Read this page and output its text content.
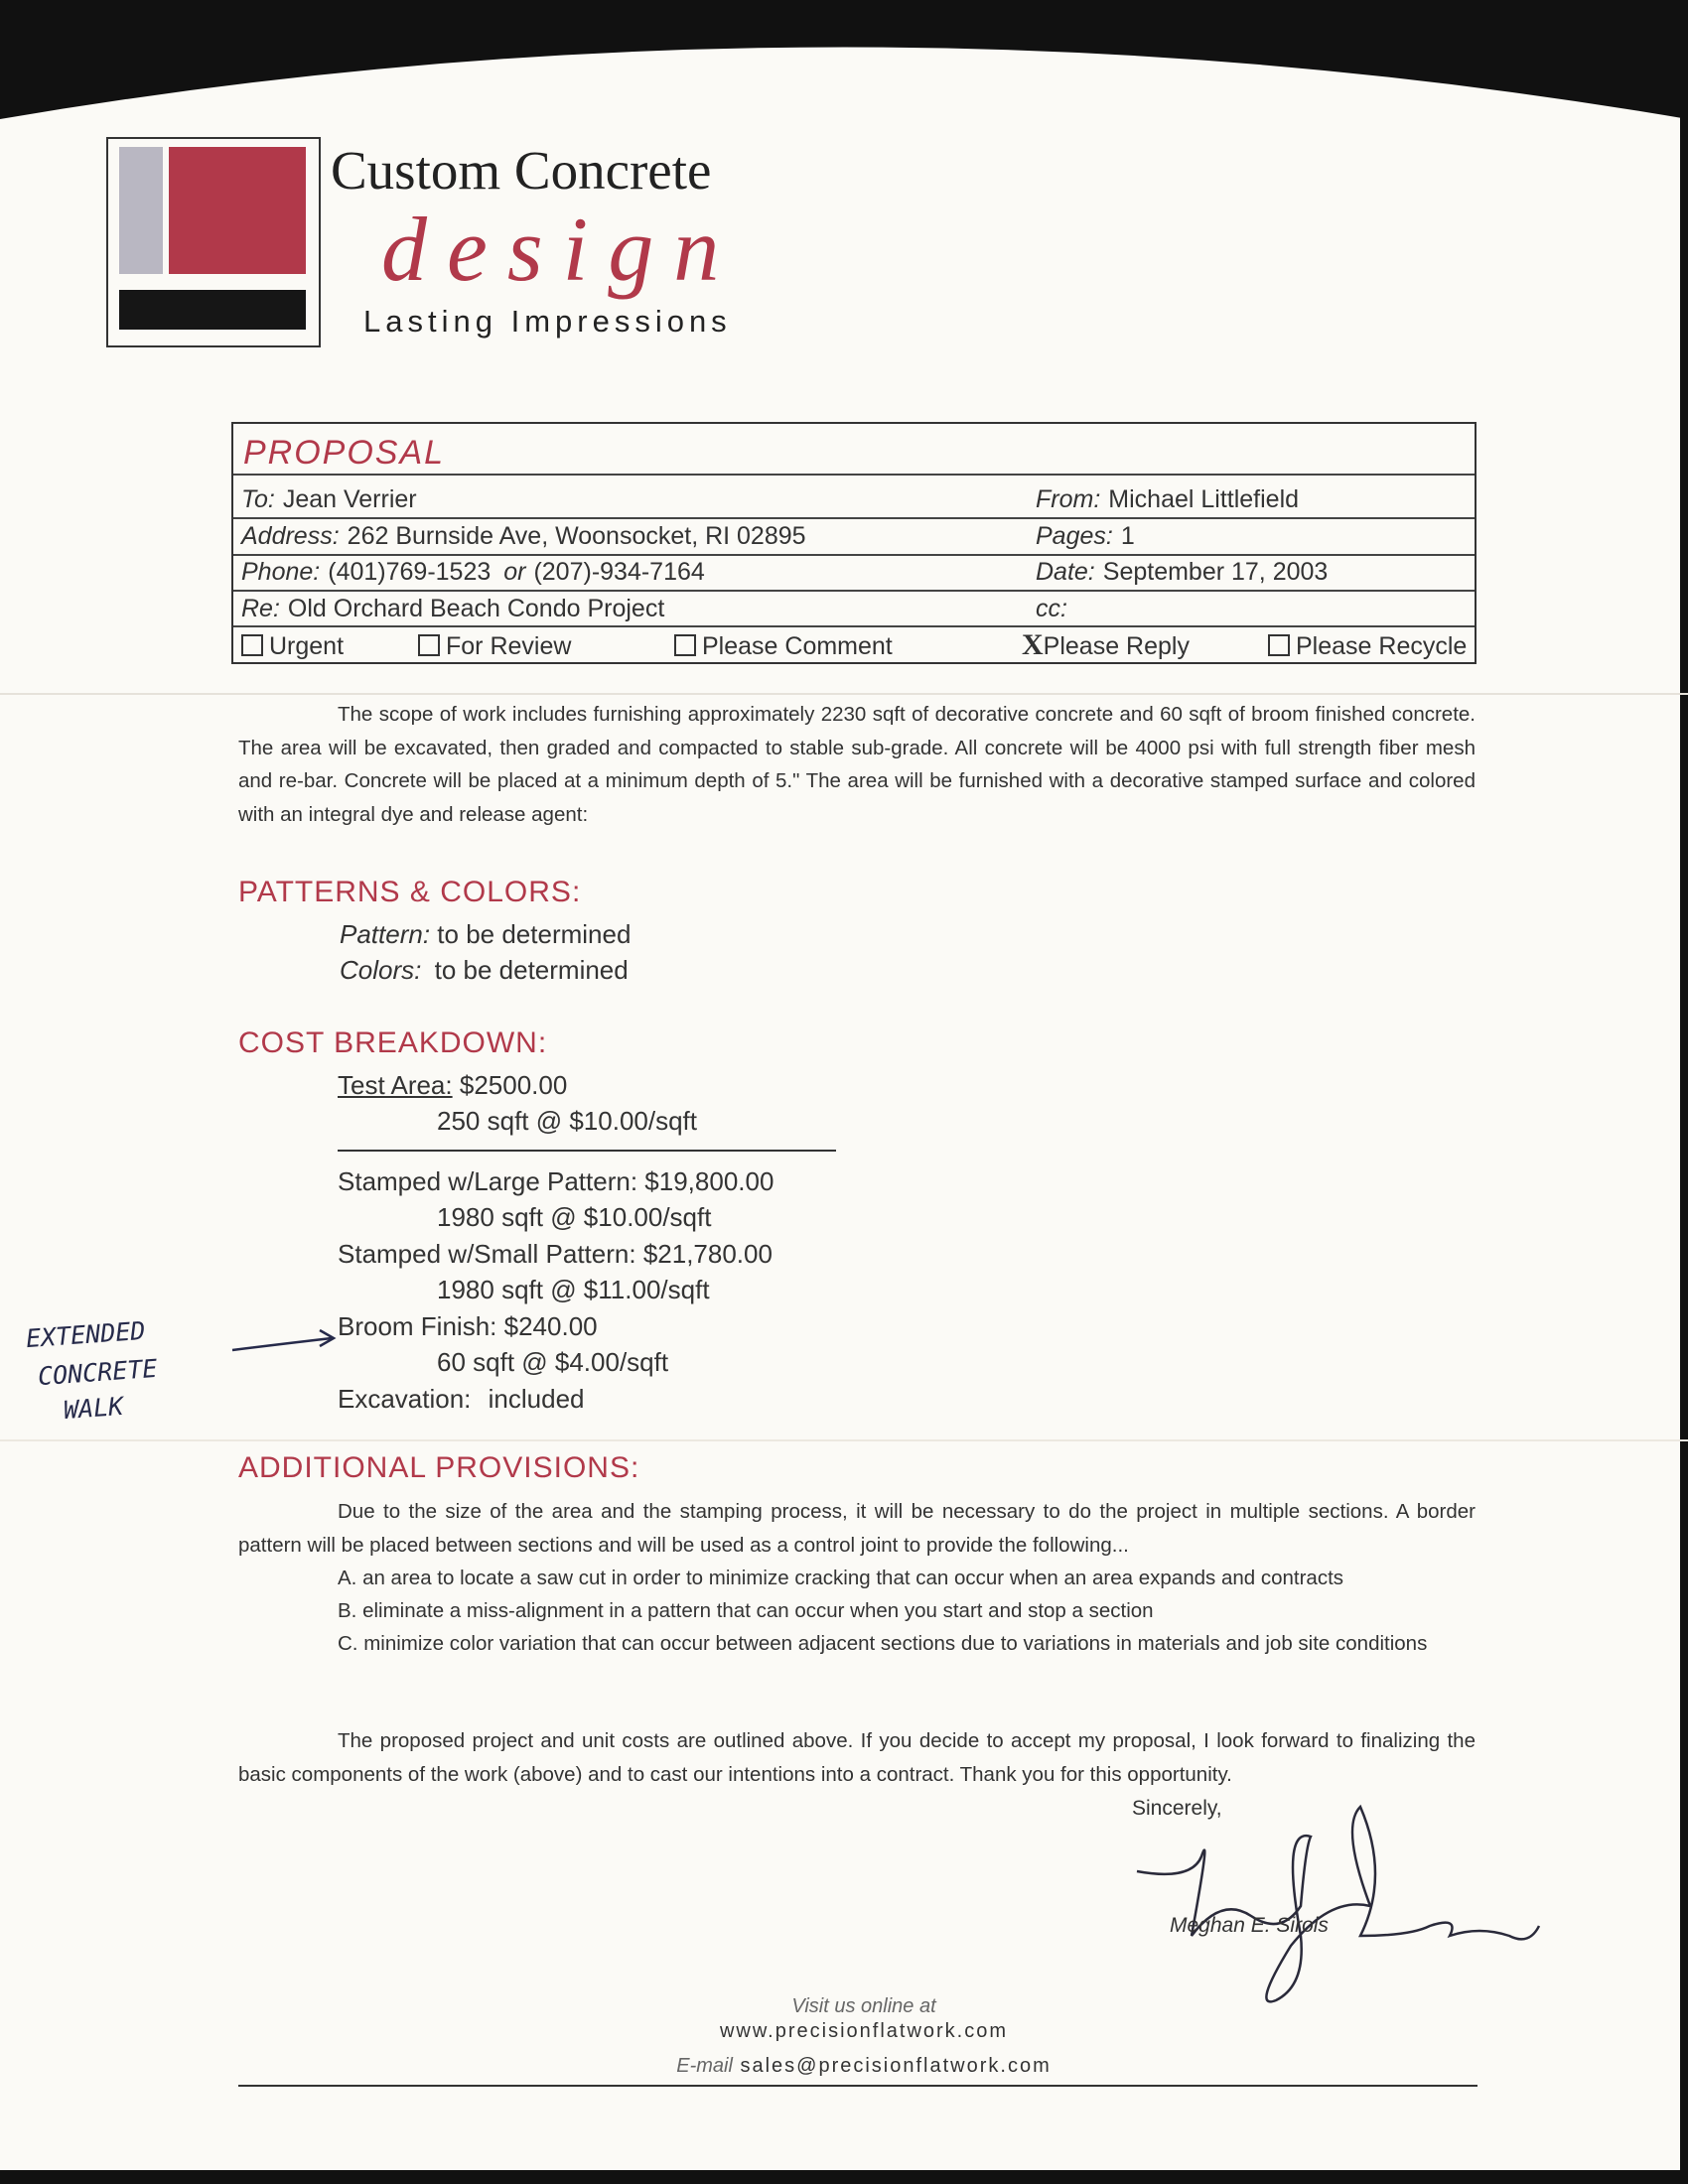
Custom Concrete
design
Lasting Impressions
PROPOSAL
To: Jean Verrier	From: Michael Littlefield
Address: 262 Burnside Ave, Woonsocket, RI 02895	Pages: 1
Phone: (401)769-1523 or (207)-934-7164	Date: September 17, 2003
Re: Old Orchard Beach Condo Project	cc:
Urgent	For Review	Please Comment	XPlease Reply	Please Recycle
The scope of work includes furnishing approximately 2230 sqft of decorative concrete and 60 sqft of broom finished concrete. The area will be excavated, then graded and compacted to stable sub-grade. All concrete will be 4000 psi with full strength fiber mesh and re-bar. Concrete will be placed at a minimum depth of 5." The area will be furnished with a decorative stamped surface and colored with an integral dye and release agent:
PATTERNS & COLORS:
Pattern: to be determined
Colors: to be determined
COST BREAKDOWN:
Test Area: $2500.00
250 sqft @ $10.00/sqft
Stamped w/Large Pattern: $19,800.00
1980 sqft @ $10.00/sqft
Stamped w/Small Pattern: $21,780.00
1980 sqft @ $11.00/sqft
Broom Finish: $240.00
60 sqft @ $4.00/sqft
Excavation: included
EXTENDED
CONCRETE
WALK
ADDITIONAL PROVISIONS:
Due to the size of the area and the stamping process, it will be necessary to do the project in multiple sections. A border pattern will be placed between sections and will be used as a control joint to provide the following...
A. an area to locate a saw cut in order to minimize cracking that can occur when an area expands and contracts
B. eliminate a miss-alignment in a pattern that can occur when you start and stop a section
C. minimize color variation that can occur between adjacent sections due to variations in materials and job site conditions
The proposed project and unit costs are outlined above. If you decide to accept my proposal, I look forward to finalizing the basic components of the work (above) and to cast our intentions into a contract. Thank you for this opportunity.
Sincerely,
Meghan E. Sirois
Visit us online at
www.precisionflatwork.com
E-mail sales@precisionflatwork.com
